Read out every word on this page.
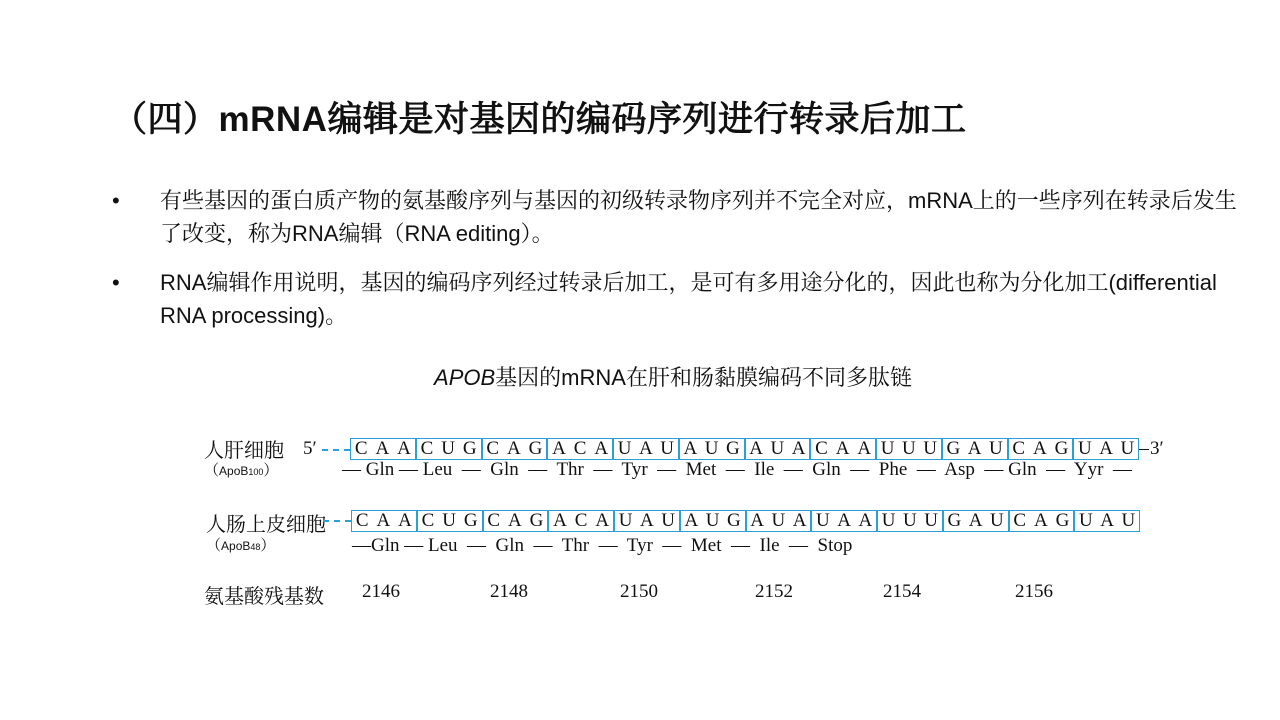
（四）mRNA编辑是对基因的编码序列进行转录后加工
•	有些基因的蛋白质产物的氨基酸序列与基因的初级转录物序列并不完全对应，mRNA上的一些序列在转录后发生了改变，称为RNA编辑（RNA editing）。
•	RNA编辑作用说明，基因的编码序列经过转录后加工，是可有多用途分化的，因此也称为分化加工(differential RNA processing)。
APOB基因的mRNA在肝和肠黏膜编码不同多肽链
人肝细胞
（ApoB100）
5′ C A A C U G C A G A C A U A U A U G A U A C A A U U U G A U C A G U A U 3′
— Gln — Leu  —  Gln  —  Thr  —  Tyr  —  Met  —  Ile  —  Gln  —  Phe  —  Asp  — Gln  —  Yyr  —
人肠上皮细胞
（ApoB48）
C A A C U G C A G A C A U A U A U G A U A U A A U U U G A U C A G U A U
—Gln — Leu  —  Gln  —  Thr  —  Tyr  —  Met  —  Ile  —  Stop
氨基酸残基数 2146	2148	2150	2152	2154	2156
